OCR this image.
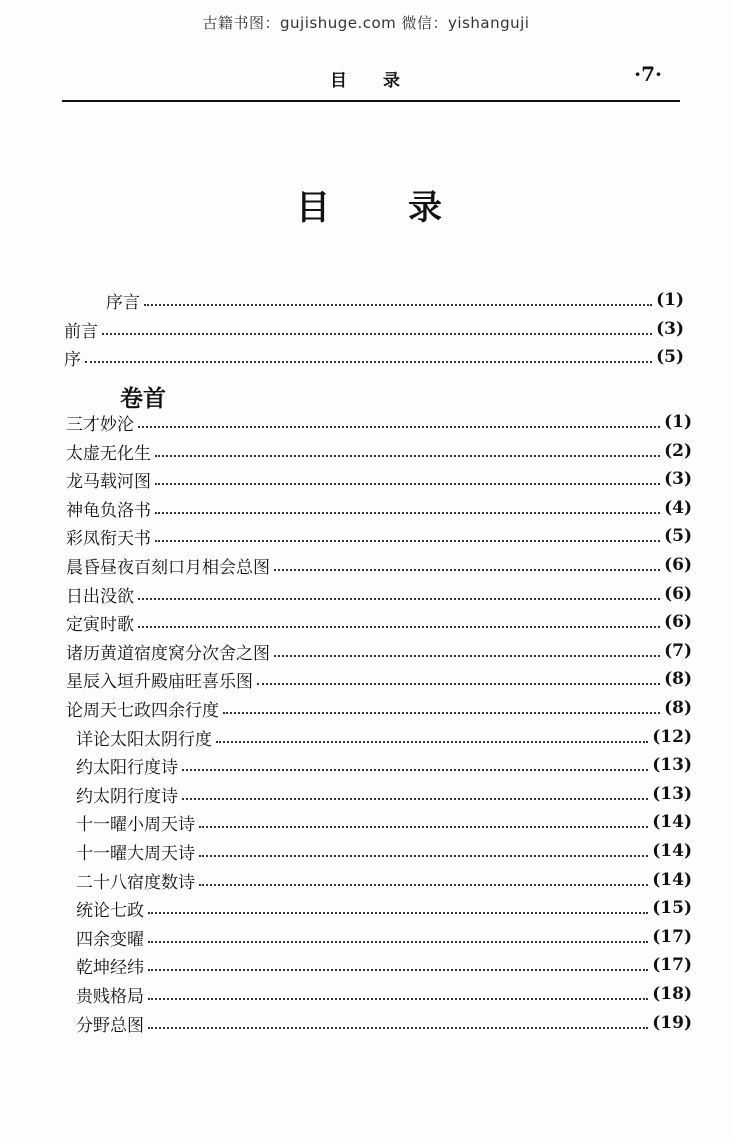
古籍书图：gujishuge.com 微信：yishanguji
目录	·7·
目录
卷首
序言	(1)
前言	(3)
序	(5)
三才妙沦	(1)
太虚无化生	(2)
龙马载河图	(3)
神龟负洛书	(4)
彩凤衔天书	(5)
晨昏昼夜百刻口月相会总图	(6)
日出没欲	(6)
定寅时歌	(6)
诸历黄道宿度窝分次舍之图	(7)
星辰入垣升殿庙旺喜乐图	(8)
论周天七政四余行度	(8)
详论太阳太阴行度	(12)
约太阳行度诗	(13)
约太阴行度诗	(13)
十一曜小周天诗	(14)
十一曜大周天诗	(14)
二十八宿度数诗	(14)
统论七政	(15)
四余变曜	(17)
乾坤经纬	(17)
贵贱格局	(18)
分野总图	(19)
